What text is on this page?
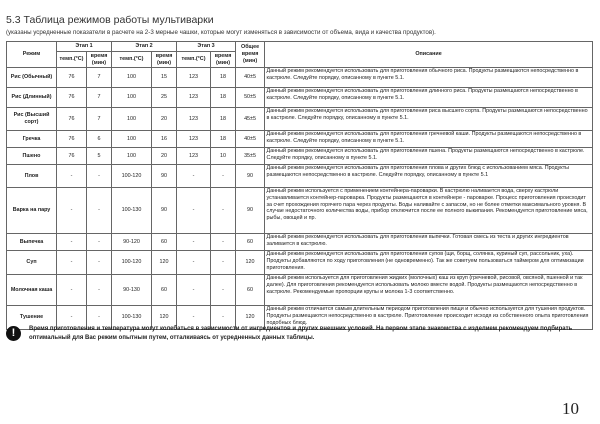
5.3 Таблица режимов работы мультиварки
(указаны усредненные показатели в расчете на 2-3 мерные чашки, которые могут изменяться в зависимости от объема, вида и качества продуктов).
Режим	Этап 1		Этап 2		Этап 3		Общее время (мин)	Описание
	темп.(°C)	время (мин)	темп.(°C)	время (мин)	темп.(°C)	время (мин)		
Рис (Обычный)	76	7	100	15	123	18	40±5	Данный режим рекомендуется использовать для приготовления обычного риса. Продукты размещаются непосредственно в кастрюле. Следуйте порядку, описанному в пункте 5.1.
Рис (Длинный)	76	7	100	25	123	18	50±5	Данный режим рекомендуется использовать для приготовления длинного риса. Продукты размещаются непосредственно в кастрюле. Следуйте порядку, описанному в пункте 5.1.
Рис (Высший сорт)	76	7	100	20	123	18	45±5	Данный режим рекомендуется использовать для приготовления риса высшего сорта. Продукты размещаются непосредственно в кастрюле. Следуйте порядку, описанному в пункте 5.1.
Гречка	76	6	100	16	123	18	40±5	Данный режим рекомендуется использовать для приготовления гречневой каши. Продукты размещаются непосредственно в кастрюле. Следуйте порядку, описанному в пункте 5.1.
Пшено	76	5	100	20	123	10	35±5	Данный режим рекомендуется использовать для приготовления пшена. Продукты размещаются непосредственно в кастрюле. Следуйте порядку, описанному в пункте 5.1.
Плов	-	-	100-120	90	-	-	90	Данный режим рекомендуется использовать для приготовления плова и других блюд с использованием мяса. Продукты размещаются непосредственно в кастрюле. Следуйте порядку, описанному в пункте 5.1
Варка на пару	-	-	100-130	90	-	-	90	Данный режим используется с применением контейнера-пароварки. В кастрюлю наливается вода, сверху кастрюли устанавливается контейнер-пароварка. Продукты размещаются в контейнере - пароварке. Процесс приготовления происходит за счет прохождения горячего пара через продукты. Воды наливайте с запасом, но не более отметки максимального уровня. В случае недостаточного количества воды, прибор отключится после ее полного выкипания. Рекомендуется приготовление мяса, рыбы, овощей и пр.
Выпечка	-	-	90-120	60	-	-	60	Данный режим рекомендуется использовать для приготовления выпечки. Готовая смесь из теста и других ингредиентов заливается в кастрюлю.
Суп	-	-	100-120	120	-	-	120	Данный режим рекомендуется использовать для приготовления супов (щи, борщ, солянка, куриный суп, рассольник, уха). Продукты добавляются по ходу приготовления (не одновременно). Так же советуем пользоваться таймером для оптимизации приготовления.
Молочная каша	-	-	90-130	60	-	-	60	Данный режим используется для приготовления жидких (молочных) каш из круп (гречневой, рисовой, овсяной, пшенной и так далее). Для приготовления рекомендуется использовать молоко вместе водой. Продукты размещаются непосредственно в кастрюле. Рекомендуемые пропорции крупы и молока 1-3 соответственно.
Тушение	-	-	100-130	120	-	-	120	Данный режим отличается самым длительным периодом приготовления пищи и обычно используется для тушения продуктов. Продукты размещаются непосредственно в кастрюле. Приготовление происходит исходя из собственного опыта приготовления подобных блюд.
!	Время приготовления и температура могут колебаться в зависимости от ингредиентов и других внешних условий. На первом этапе знакомства с изделием рекомендуем подбирать оптимальный для Вас режим опытным путем, отталкиваясь от усредненных данных таблицы.
10
